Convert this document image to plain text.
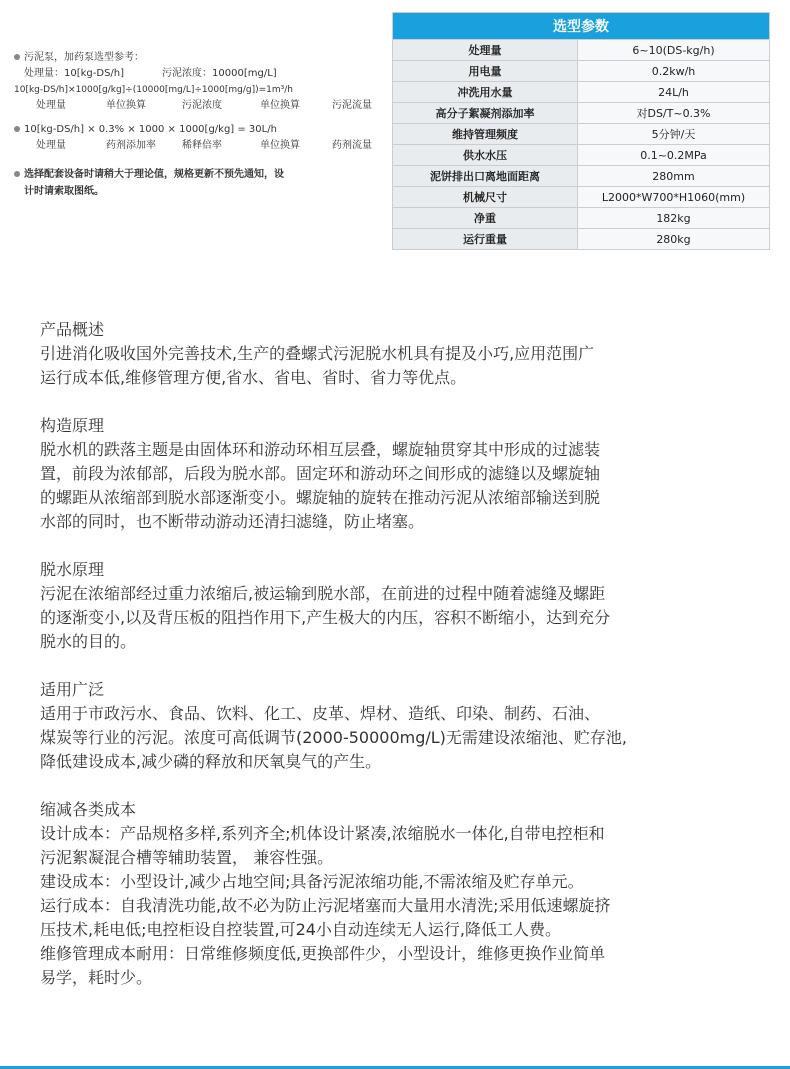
污泥泵，加药泵选型参考：
处理量：10[kg-DS/h]	污泥浓度：10000[mg/L]
10[kg-DS/h]×1000[g/kg]÷(10000[mg/L]÷1000[mg/g])=1m³/h
处理量	单位换算	污泥浓度	单位换算	污泥流量
10[kg-DS/h] × 0.3% × 1000 × 1000[g/kg] = 30L/h
处理量	药剂添加率	稀释倍率	单位换算	药剂流量
选择配套设备时请稍大于理论值，规格更新不预先通知，设
计时请索取图纸。
选型参数	
处理量	6~10(DS-kg/h)
用电量	0.2kw/h
冲洗用水量	24L/h
高分子絮凝剂添加率	对DS/T~0.3%
维持管理频度	5分钟/天
供水水压	0.1~0.2MPa
泥饼排出口离地面距离	280mm
机械尺寸	L2000*W700*H1060(mm)
净重	182kg
运行重量	280kg

产品概述

引进消化吸收国外完善技术,生产的叠螺式污泥脱水机具有提及小巧,应用范围广

运行成本低,维修管理方便,省水、省电、省时、省力等优点。

构造原理

脱水机的跌落主题是由固体环和游动环相互层叠，螺旋轴贯穿其中形成的过滤装

置，前段为浓郁部，后段为脱水部。固定环和游动环之间形成的滤缝以及螺旋轴

的螺距从浓缩部到脱水部逐渐变小。螺旋轴的旋转在推动污泥从浓缩部输送到脱

水部的同时，也不断带动游动还清扫滤缝，防止堵塞。

脱水原理

污泥在浓缩部经过重力浓缩后,被运输到脱水部，在前进的过程中随着滤缝及螺距

的逐渐变小,以及背压板的阻挡作用下,产生极大的内压，容积不断缩小，达到充分

脱水的目的。

适用广泛

适用于市政污水、食品、饮料、化工、皮革、焊材、造纸、印染、制药、石油、

煤炭等行业的污泥。浓度可高低调节(2000-50000mg/L)无需建设浓缩池、贮存池,

降低建设成本,减少磷的释放和厌氧臭气的产生。

缩减各类成本

设计成本：产品规格多样,系列齐全;机体设计紧凑,浓缩脱水一体化,自带电控柜和

污泥絮凝混合槽等辅助装置， 兼容性强。

建设成本：小型设计,减少占地空间;具备污泥浓缩功能,不需浓缩及贮存单元。

运行成本：自我清洗功能,故不必为防止污泥堵塞而大量用水清洗;采用低速螺旋挤

压技术,耗电低;电控柜设自控装置,可24小自动连续无人运行,降低工人费。

维修管理成本耐用：日常维修频度低,更换部件少，小型设计，维修更换作业简单

易学，耗时少。
